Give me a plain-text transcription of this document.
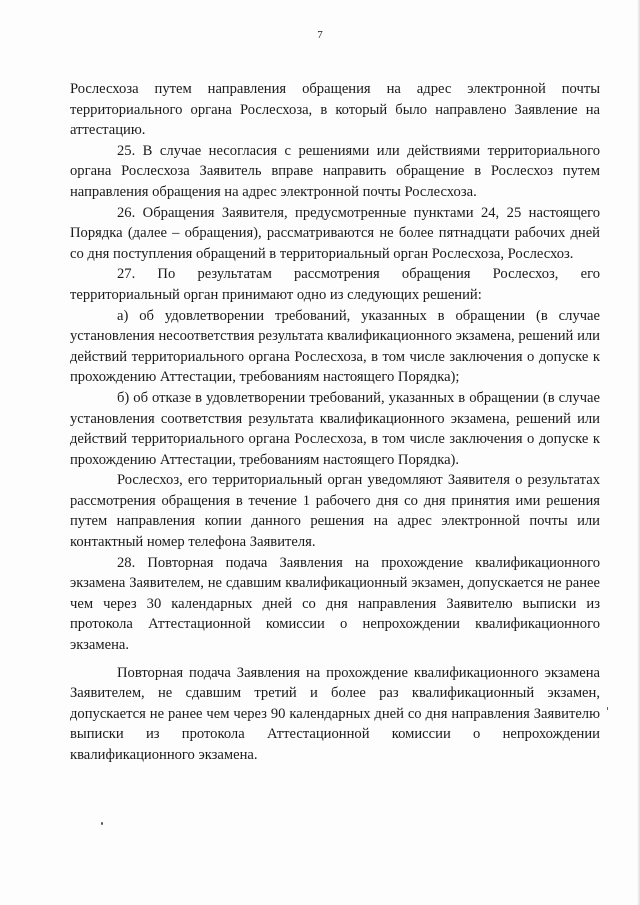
7

Рослесхоза путем направления обращения на адрес электронной почты территориального органа Рослесхоза, в который было направлено Заявление на аттестацию.

25. В случае несогласия с решениями или действиями территориального органа Рослесхоза Заявитель вправе направить обращение в Рослесхоз путем направления обращения на адрес электронной почты Рослесхоза.

26. Обращения Заявителя, предусмотренные пунктами 24, 25 настоящего Порядка (далее – обращения), рассматриваются не более пятнадцати рабочих дней со дня поступления обращений в территориальный орган Рослесхоза, Рослесхоз.

27. По результатам рассмотрения обращения Рослесхоз, его территориальный орган принимают одно из следующих решений:

а) об удовлетворении требований, указанных в обращении (в случае установления несоответствия результата квалификационного экзамена, решений или действий территориального органа Рослесхоза, в том числе заключения о допуске к прохождению Аттестации, требованиям настоящего Порядка);

б) об отказе в удовлетворении требований, указанных в обращении (в случае установления соответствия результата квалификационного экзамена, решений или действий территориального органа Рослесхоза, в том числе заключения о допуске к прохождению Аттестации, требованиям настоящего Порядка).

Рослесхоз, его территориальный орган уведомляют Заявителя о результатах рассмотрения обращения в течение 1 рабочего дня со дня принятия ими решения путем направления копии данного решения на адрес электронной почты или контактный номер телефона Заявителя.

28. Повторная подача Заявления на прохождение квалификационного экзамена Заявителем, не сдавшим квалификационный экзамен, допускается не ранее чем через 30 календарных дней со дня направления Заявителю выписки из протокола Аттестационной комиссии о непрохождении квалификационного экзамена.

Повторная подача Заявления на прохождение квалификационного экзамена Заявителем, не сдавшим третий и более раз квалификационный экзамен, допускается не ранее чем через 90 календарных дней со дня направления Заявителю выписки из протокола Аттестационной комиссии о непрохождении квалификационного экзамена.
